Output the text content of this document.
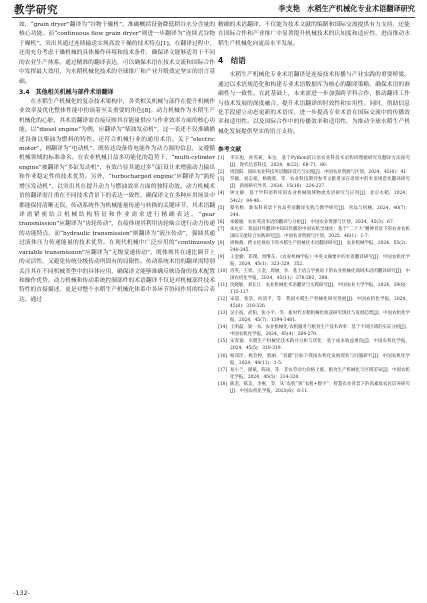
教学研究	李支艳　水稻生产机械化专业术语翻译研究

如，“grain dryer”翻译为“谷物干燥机”，准确概括设备降低稻谷水分含量的核心功能。而“continuous flow grain dryer”则进一步翻译为“连续式谷物干燥机”，突出其通过连续输送实现高效干燥的技术特点[1]。在翻译过程中，还需充分考虑干燥机械的具体操作环境和技术条件，确保译文能够适用于不同的农业生产体系。通过精准的翻译表达，可以确保术语在技术交流和国际合作中发挥最大效用，为水稻机械化技术的全球推广和产业升级奠定坚实的语言基础。

3.4　其他相关机械与部件术语翻译

在水稻生产机械化的复杂技术架构中，各类相关机械与部件在提升机械作业效率及优化整体性能中扮演着至关重要的角色[8]。动力机械作为水稻生产机械化的心脏，其术语翻译需直接反映其在能量供应与作业效率方面的核心功能。以“diesel engine”为例，应翻译为“柴油发动机”，这一表述不仅准确描述设备以柴油为燃料的特性，还符合机械行业的通用术语。关于“electric motor”，则翻译为“电动机”，既传达设备将电能作为动力源的信息，又遵循机械领域的标准命名。在农业机械日益多功能化的趋势下，“multi-cylinder engine”被翻译为“多缸发动机”，有效凸显其通过多气缸设计来增强动力输出和作业稳定性的技术优势。另外，“turbocharged engine”应翻译为“涡轮增压发动机”，以突出其在提升动力与燃油效率方面的独特功效。动力机械术语的翻译需注重在不同技术背景下的表达一致性，确保译文在多种应用场景中都能保持清晰无误。传动系统作为机械能量传递与转换的关键环节，其术语翻译需紧密结合机械结构特征和作业需求进行精确表达。“gear transmission”应翻译为“齿轮传动”，直接体现其利用齿轮啮合进行动力传递的功能特点。而“hydraulic transmission”则翻译为“液压传动”，强调其通过液体压力传递能量的技术优势。在现代机械中广泛应用的“continuously variable transmission”应翻译为“无级变速传动”，既体现其在速比调节上的灵活性，又避免传统分级传动所固有的局限性。传动系统术语的翻译需特别关注其在不同机械类型中的具体应用，确保译文能够准确反映设备的技术配置和操作优势。动力机械和传动系统控制部件的术语翻译不仅是对机械部件技术特性的直接描述，更是对整个水稻生产机械化体系中各环节协同作用的综合表达。通过

精确的术语翻译，不仅能为技术文献的编制和国际交流提供有力支持，还能在国际合作和产业推广中显著提升机械技术的认知度和适应性，进而推动水稻生产机械化向更高水平发展。

4　结语

水稻生产机械化专业术语翻译是连接技术传播与产业实践的重要桥梁。通过以术语规范化和构建专业术语数据库为核心的翻译策略，确保术语的准确性与一致性。在此基础上，未来需进一步加强跨学科合作，推动翻译工作与技术发展的深度融合，提升术语翻译的时效性和实用性。同时，借助信息化手段建立动态更新的术语库，进一步提高专业术语在国际交流中的传播效率和适用性。以及国际合作中的传播效率和适用性，为推动全球水稻生产机械化发展提供坚实的语言支持。

参考文献

[1]	李东旭，孙雯莉，朱达．基于Python的日语农业科技术语构词理据研究及翻译方法探究[J]．现代信息科技，2024，8(22)：68-71，80.
[2]	周润阳．国际农业科技英语翻译技巧与实践[J]．中国农业资源与区划，2024，45(6)：41.
[3]	罗颖，刘志娟，杨晓蓉，等．农业科技期刊参考文献著录在语境中的术语规范化翻译研究[J]．新闻研究导刊，2024，15(16)：224-227.
[4]	钟文静．基于学科语料库的农业机械领域物流术语研究与应用[J]．北京水稻，2024，54(2)：84-96.
[5]	蔡名杨．新农科背景下食品英语翻译实践与教学研究[J]．食品与机械，2024，40(7)：244.
[6]	朱媛媛．农业英语术语的翻译与分析[J]．中国农业资源与区划，2024，45(3)：67.
[7]	朱礼好．我国对外翻译中知识传播的中国农机全球化：基于“二十大”精神背景下的农业农机国际交流综合实践研究[J]．中国农业资源与区划，2025，46(1)：1-7.
[8]	周梅燕．跨文化视角下的水稻生产机械化术语翻译研究[J]．农业机械学报，2024，55(2)：240-245.
[9]	王金勤，邓翔，周继东．《农业机械学报》中英文摘要中的术语翻译研究[J]．中国农机化学报，2024，45(1)：323-329，352.
[10] 肖英，王勇，王金，周丽，李．基于语言学视角下的农业机械化领域术语的翻译研究[J]．中国农机化学报，2024，45(11)：278-282，298.
[11] 沈晓敏，刘长江．农业机械化术语翻译与实践研究[J]．中国农业大学学报，2024，29(8)：115-117.
[12] 宋超，张浩，何清平，等．我国水稻生产机械化研究进展[J]．中国农机化学报，2024，45(8)：318-326.
[13] 吴小波，武柏，张小平，等．新时代水稻机械化收获研究现状与发展趋势[J]．中国农机化学报，2024，45(7)：1394-1401.
[14] 王明磊，梁一书．农业机械化·农机服务与粮食生产技术效率：基于不同区域的实证分析[J]．中国农机化学报，2024，45(4)：264-270.
[15] 宋春迪．水稻生产机械化技术路径分析与优化：基于成本收益视角[J]．中国农机化学报，2024，45(5)：310-319.
[16] 杨印洋，杨会婷，郭丽．“双碳”目标下我国农机化发展现状与问题研究[J]．中国农机化学报，2024，44(11)：1-5.
[17] 易小兰，颜斌，陈雨，等．非农劳动力价格上涨、粮食生产机械化与区域差异[J]．中国农机化学报，2024，45(5)：314-320.
[18] 陈金，陈美，李惠，等．从“农机”到“农机+数字”：智慧农业背景下的高素质农民培养研究[J]．中国农机化学报，2023(6)：6-11.
-132-
